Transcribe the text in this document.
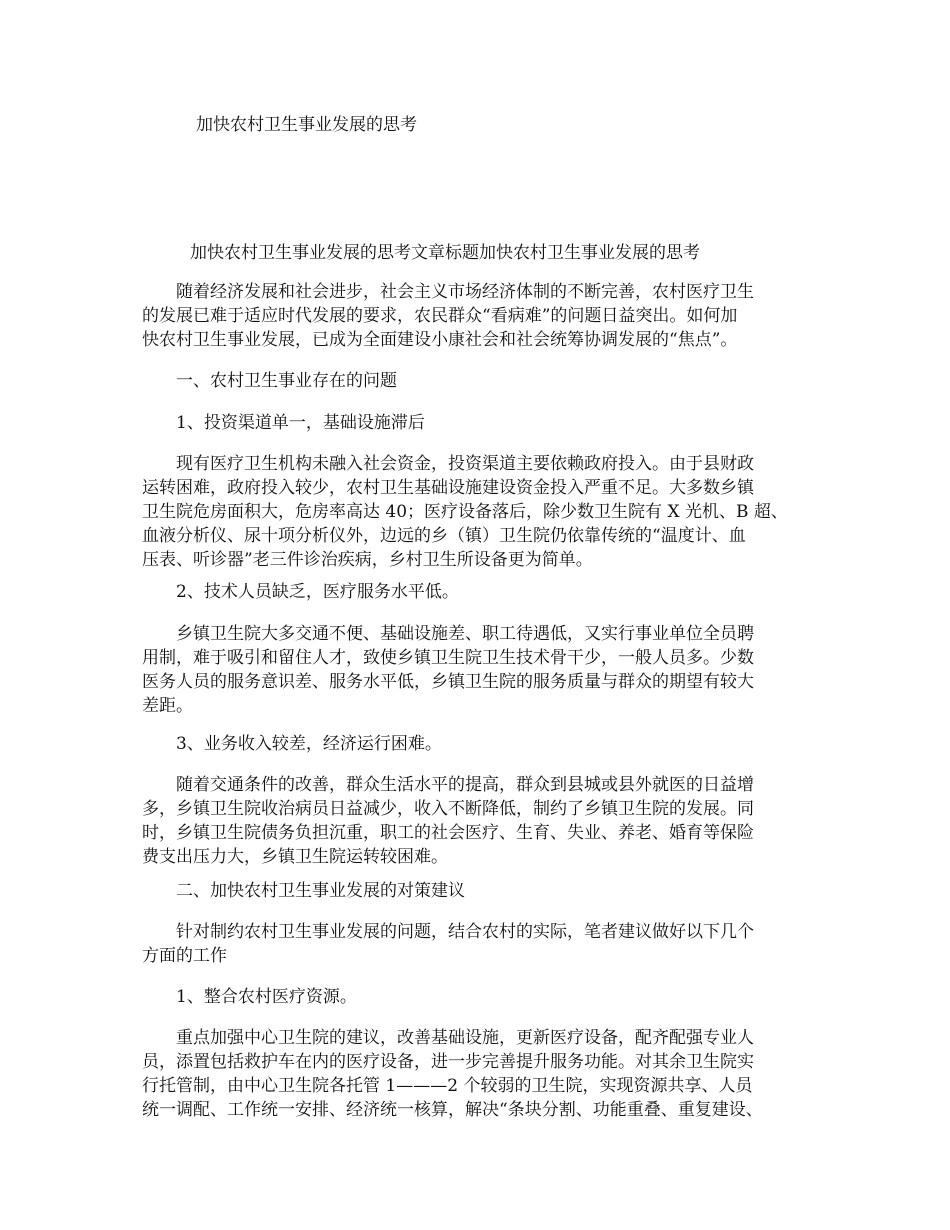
加快农村卫生事业发展的思考
加快农村卫生事业发展的思考文章标题加快农村卫生事业发展的思考
随着经济发展和社会进步，社会主义市场经济体制的不断完善，农村医疗卫生
的发展已难于适应时代发展的要求，农民群众“看病难”的问题日益突出。如何加
快农村卫生事业发展，已成为全面建设小康社会和社会统筹协调发展的“焦点”。
一、农村卫生事业存在的问题
1、投资渠道单一，基础设施滞后
现有医疗卫生机构未融入社会资金，投资渠道主要依赖政府投入。由于县财政
运转困难，政府投入较少，农村卫生基础设施建设资金投入严重不足。大多数乡镇
卫生院危房面积大，危房率高达 40；医疗设备落后，除少数卫生院有 X 光机、B 超、
血液分析仪、尿十项分析仪外，边远的乡（镇）卫生院仍依靠传统的“温度计、血
压表、听诊器”老三件诊治疾病，乡村卫生所设备更为简单。
2、技术人员缺乏，医疗服务水平低。
乡镇卫生院大多交通不便、基础设施差、职工待遇低，又实行事业单位全员聘
用制，难于吸引和留住人才，致使乡镇卫生院卫生技术骨干少，一般人员多。少数
医务人员的服务意识差、服务水平低，乡镇卫生院的服务质量与群众的期望有较大
差距。
3、业务收入较差，经济运行困难。
随着交通条件的改善，群众生活水平的提高，群众到县城或县外就医的日益增
多，乡镇卫生院收治病员日益减少，收入不断降低，制约了乡镇卫生院的发展。同
时，乡镇卫生院债务负担沉重，职工的社会医疗、生育、失业、养老、婚育等保险
费支出压力大，乡镇卫生院运转较困难。
二、加快农村卫生事业发展的对策建议
针对制约农村卫生事业发展的问题，结合农村的实际，笔者建议做好以下几个
方面的工作
1、整合农村医疗资源。
重点加强中心卫生院的建议，改善基础设施，更新医疗设备，配齐配强专业人
员，添置包括救护车在内的医疗设备，进一步完善提升服务功能。对其余卫生院实
行托管制，由中心卫生院各托管 1———2 个较弱的卫生院，实现资源共享、人员
统一调配、工作统一安排、经济统一核算，解决“条块分割、功能重叠、重复建设、
